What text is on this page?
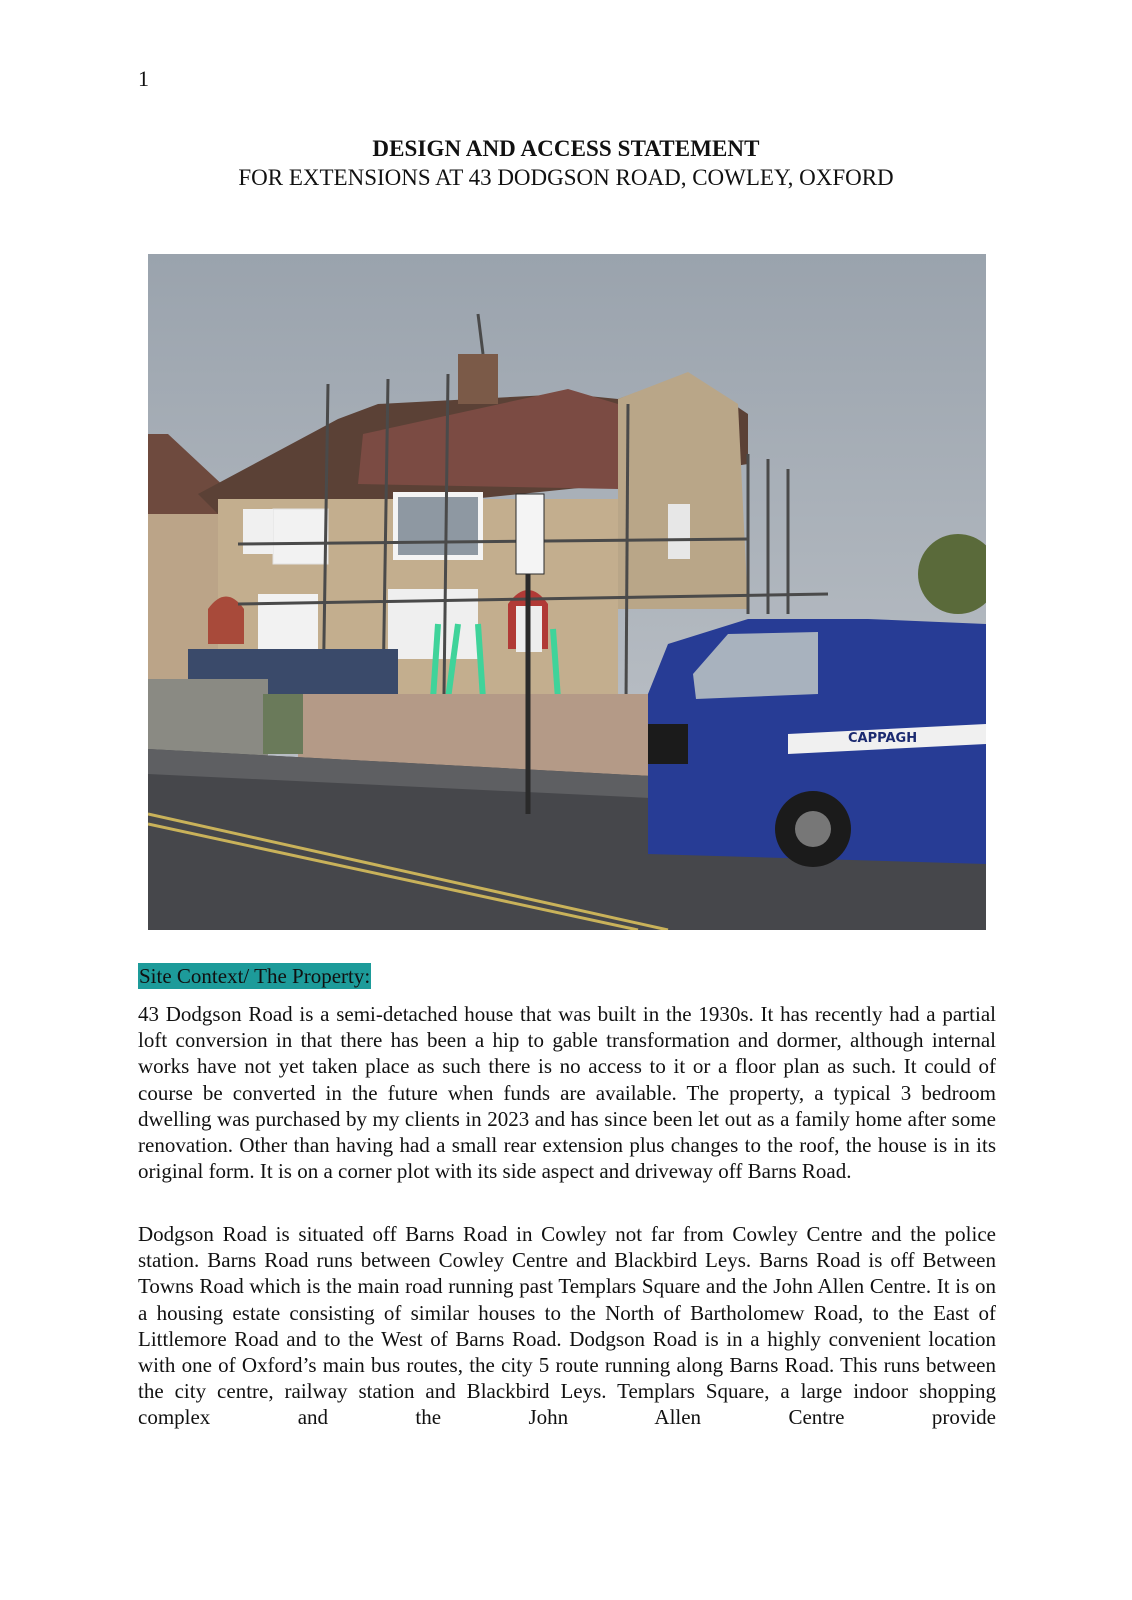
1
DESIGN AND ACCESS STATEMENT
FOR EXTENSIONS AT 43 DODGSON ROAD, COWLEY, OXFORD
CAPPAGH
Site Context/ The Property:

43 Dodgson Road is a semi-detached house that was built in the 1930s. It has recently had a partial loft conversion in that there has been a hip to gable transformation and dormer, although internal works have not yet taken place as such there is no access to it or a floor plan as such. It could of course be converted in the future when funds are available. The property, a typical 3 bedroom dwelling was purchased by my clients in 2023 and has since been let out as a family home after some renovation. Other than having had a small rear extension plus changes to the roof, the house is in its original form. It is on a corner plot with its side aspect and driveway off Barns Road.

Dodgson Road is situated off Barns Road in Cowley not far from Cowley Centre and the police station. Barns Road runs between Cowley Centre and Blackbird Leys. Barns Road is off Between Towns Road which is the main road running past Templars Square and the John Allen Centre. It is on a housing estate consisting of similar houses to the North of Bartholomew Road, to the East of Littlemore Road and to the West of Barns Road. Dodgson Road is in a highly convenient location with one of Oxford’s main bus routes, the city 5 route running along Barns Road. This runs between the city centre, railway station and Blackbird Leys. Templars Square, a large indoor shopping complex and the John Allen Centre provide
